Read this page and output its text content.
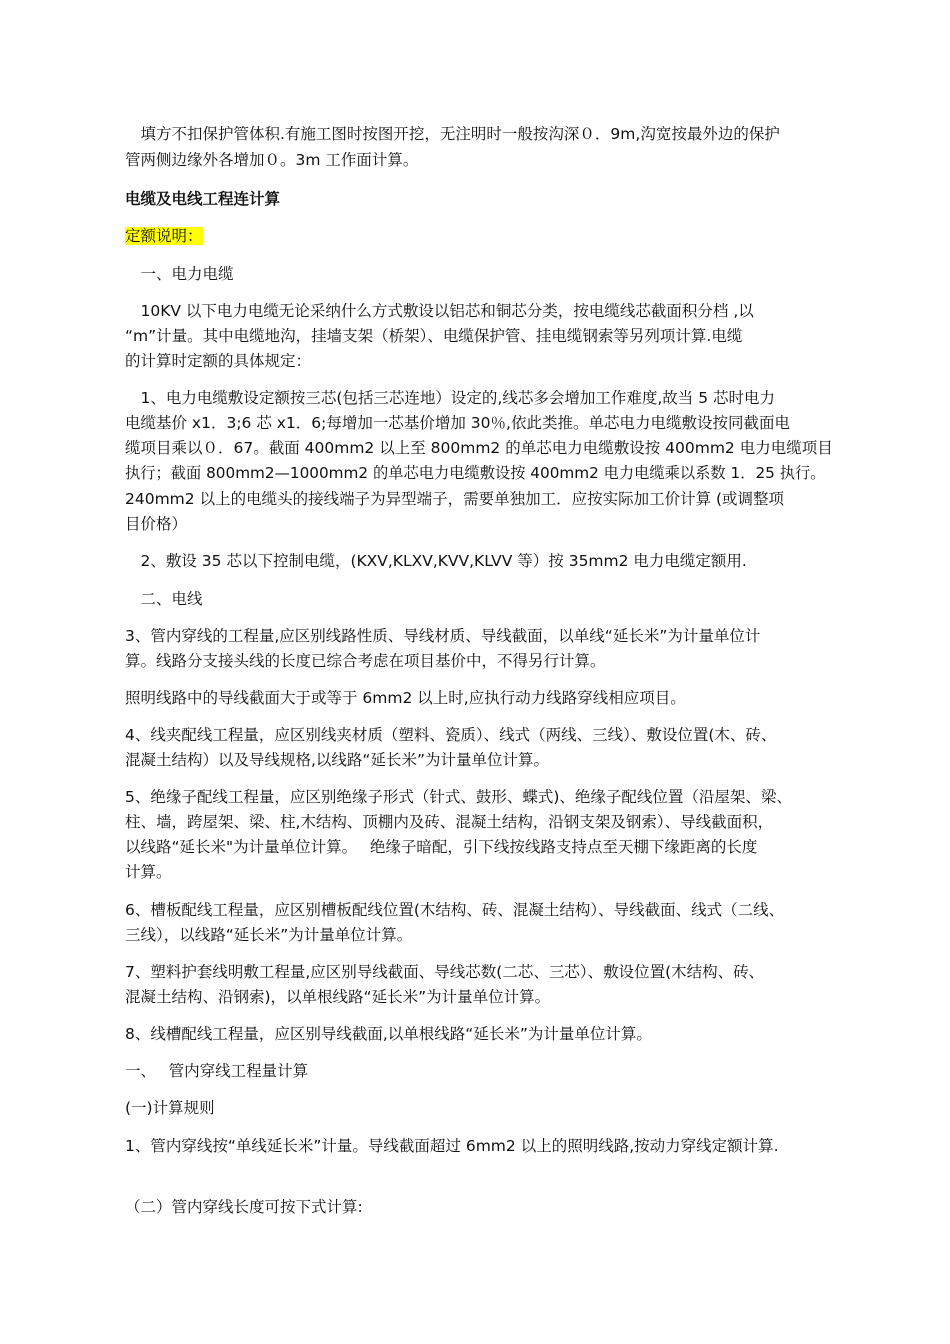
　填方不扣保护管体积.有施工图时按图开挖，无注明时一般按沟深０．9m,沟宽按最外边的保护
管两侧边缘外各增加０。3m 工作面计算。
电缆及电线工程连计算
定额说明：
　一、电力电缆
　10KV 以下电力电缆无论采纳什么方式敷设以铝芯和铜芯分类，按电缆线芯截面积分档 ,以
“m”计量。其中电缆地沟，挂墙支架（桥架）、电缆保护管、挂电缆钢索等另列项计算.电缆
的计算时定额的具体规定：
　1、电力电缆敷设定额按三芯(包括三芯连地）设定的,线芯多会增加工作难度,故当 5 芯时电力
电缆基价 x1．3;6 芯 x1．6;每增加一芯基价增加 30％,依此类推。单芯电力电缆敷设按同截面电
缆项目乘以０．67。截面 400mm2 以上至 800mm2 的单芯电力电缆敷设按 400mm2 电力电缆项目
执行；截面 800mm2—1000mm2 的单芯电力电缆敷设按 400mm2 电力电缆乘以系数 1．25 执行。
240mm2 以上的电缆头的接线端子为异型端子，需要单独加工．应按实际加工价计算 (或调整项
目价格）
　2、敷设 35 芯以下控制电缆，(KXV,KLXV,KVV,KLVV 等）按 35mm2 电力电缆定额用.
　二、电线
3、管内穿线的工程量,应区别线路性质、导线材质、导线截面，以单线“延长米”为计量单位计
算。线路分支接头线的长度已综合考虑在项目基价中，不得另行计算。
照明线路中的导线截面大于或等于 6mm2 以上时,应执行动力线路穿线相应项目。
4、线夹配线工程量，应区别线夹材质（塑料、瓷质）、线式（两线、三线）、敷设位置(木、砖、
混凝土结构）以及导线规格,以线路“延长米”为计量单位计算。
5、绝缘子配线工程量，应区别绝缘子形式（针式、鼓形、蝶式)、绝缘子配线位置（沿屋架、梁、
柱、墙，跨屋架、梁、柱,木结构、顶棚内及砖、混凝土结构，沿钢支架及钢索）、导线截面积，
以线路“延长米"为计量单位计算。　 绝缘子暗配，引下线按线路支持点至天棚下缘距离的长度
计算。
6、槽板配线工程量，应区别槽板配线位置(木结构、砖、混凝土结构）、导线截面、线式（二线、
三线），以线路“延长米”为计量单位计算。
7、塑料护套线明敷工程量,应区别导线截面、导线芯数(二芯、三芯）、敷设位置(木结构、砖、
混凝土结构、沿钢索)，以单根线路“延长米”为计量单位计算。
8、线槽配线工程量，应区别导线截面,以单根线路“延长米”为计量单位计算。
一、　 管内穿线工程量计算
(一)计算规则
1、管内穿线按“单线延长米”计量。导线截面超过 6mm2 以上的照明线路,按动力穿线定额计算.
（二）管内穿线长度可按下式计算:
